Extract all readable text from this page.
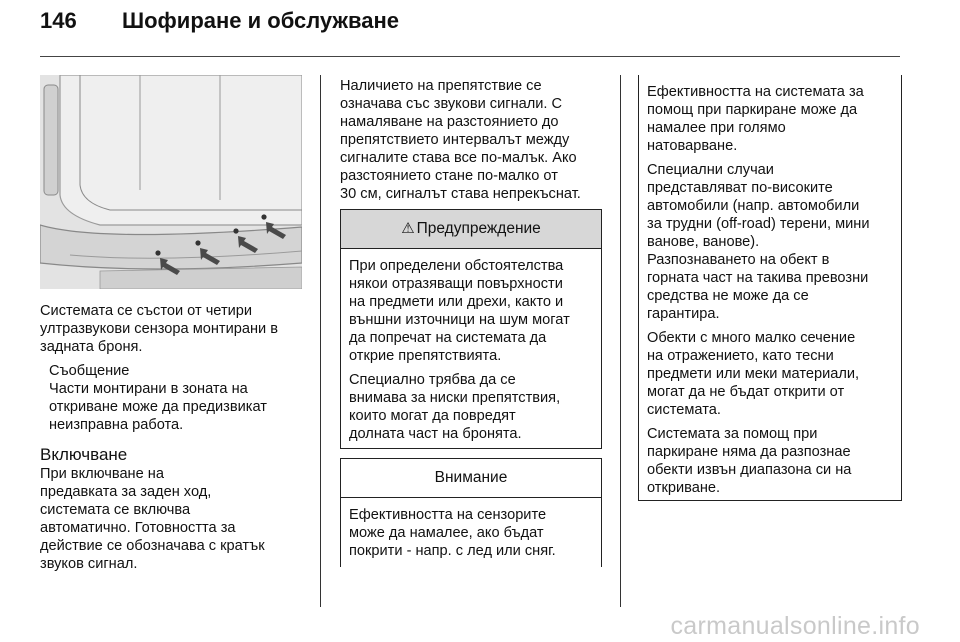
146 Шофиране и обслужване

Системата се състои от четири
ултразвукови сензора монтирани в
задната броня.

Съобщение

Части монтирани в зоната на
откриване може да предизвикат
неизправна работа.

Включване

При включване на
предавката за заден ход,
системата се включва
автоматично. Готовността за
действие се обозначава с кратък
звуков сигнал.

Наличието на препятствие се
означава със звукови сигнали. С
намаляване на разстоянието до
препятствието интервалът между
сигналите става все по-малък. Ако
разстоянието стане по-малко от
30 см, сигналът става непрекъснат.

⚠ Предупреждение

При определени обстоятелства
някои отразяващи повърхности
на предмети или дрехи, както и
външни източници на шум могат
да попречат на системата да
открие препятствията.

Специално трябва да се
внимава за ниски препятствия,
които могат да повредят
долната част на бронята.

Внимание

Ефективността на сензорите
може да намалее, ако бъдат
покрити - напр. с лед или сняг.

Ефективността на системата за
помощ при паркиране може да
намалее при голямо
натоварване.

Специални случаи
представляват по-високите
автомобили (напр. автомобили
за трудни (off-road) терени, мини
ванове, ванове).

Разпознаването на обект в
горната част на такива превозни
средства не може да се
гарантира.

Обекти с много малко сечение
на отражението, като тесни
предмети или меки материали,
могат да не бъдат открити от
системата.

Системата за помощ при
паркиране няма да разпознае
обекти извън диапазона си на
откриване.

carmanualsonline.info
